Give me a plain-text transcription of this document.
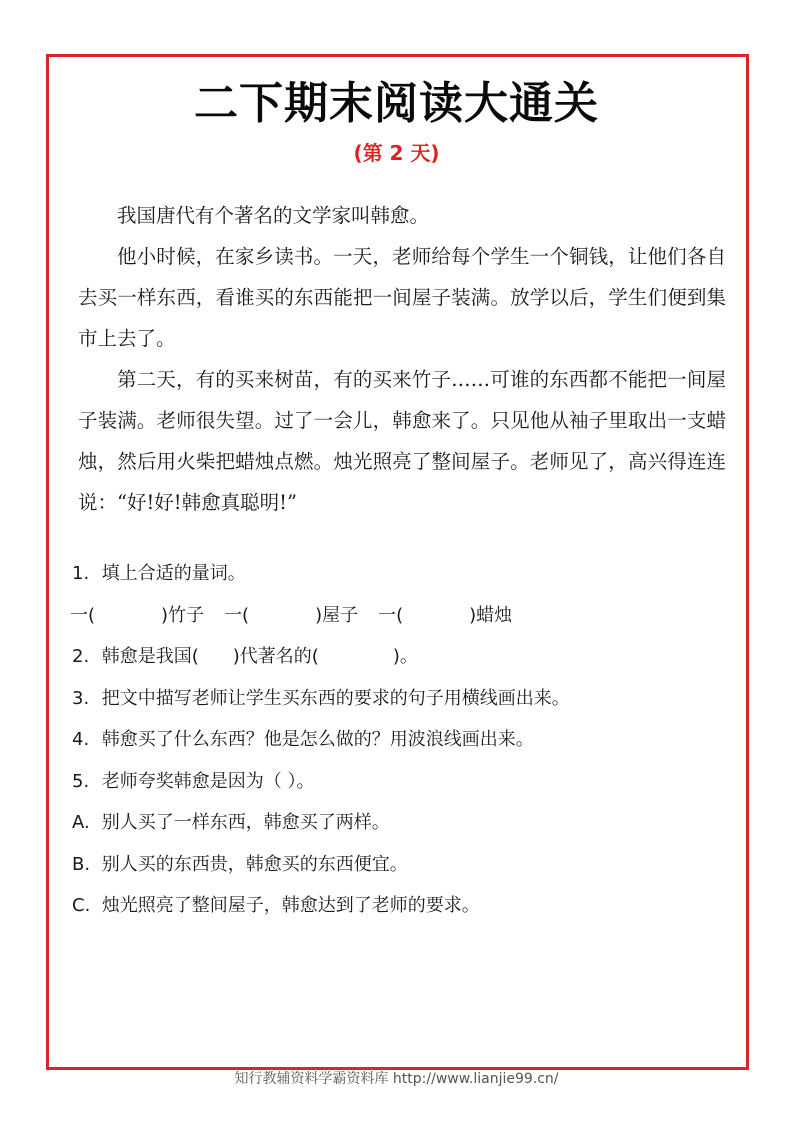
二下期末阅读大通关
(第 2 天)

我国唐代有个著名的文学家叫韩愈。

他小时候，在家乡读书。一天，老师给每个学生一个铜钱，让他们各自去买一样东西，看谁买的东西能把一间屋子装满。放学以后，学生们便到集市上去了。

第二天，有的买来树苗，有的买来竹子……可谁的东西都不能把一间屋子装满。老师很失望。过了一会儿，韩愈来了。只见他从袖子里取出一支蜡烛，然后用火柴把蜡烛点燃。烛光照亮了整间屋子。老师见了，高兴得连连说：“好!好!韩愈真聪明!”

1. 填上合适的量词。
一(	)竹子 一(	)屋子 一(	)蜡烛
2. 韩愈是我国( )代著名的(	)。
3. 把文中描写老师让学生买东西的要求的句子用横线画出来。
4. 韩愈买了什么东西？他是怎么做的？用波浪线画出来。
5. 老师夸奖韩愈是因为（ ）。
A. 别人买了一样东西，韩愈买了两样。
B. 别人买的东西贵，韩愈买的东西便宜。
C. 烛光照亮了整间屋子，韩愈达到了老师的要求。
知行教辅资料学霸资料库 http://www.lianjie99.cn/
